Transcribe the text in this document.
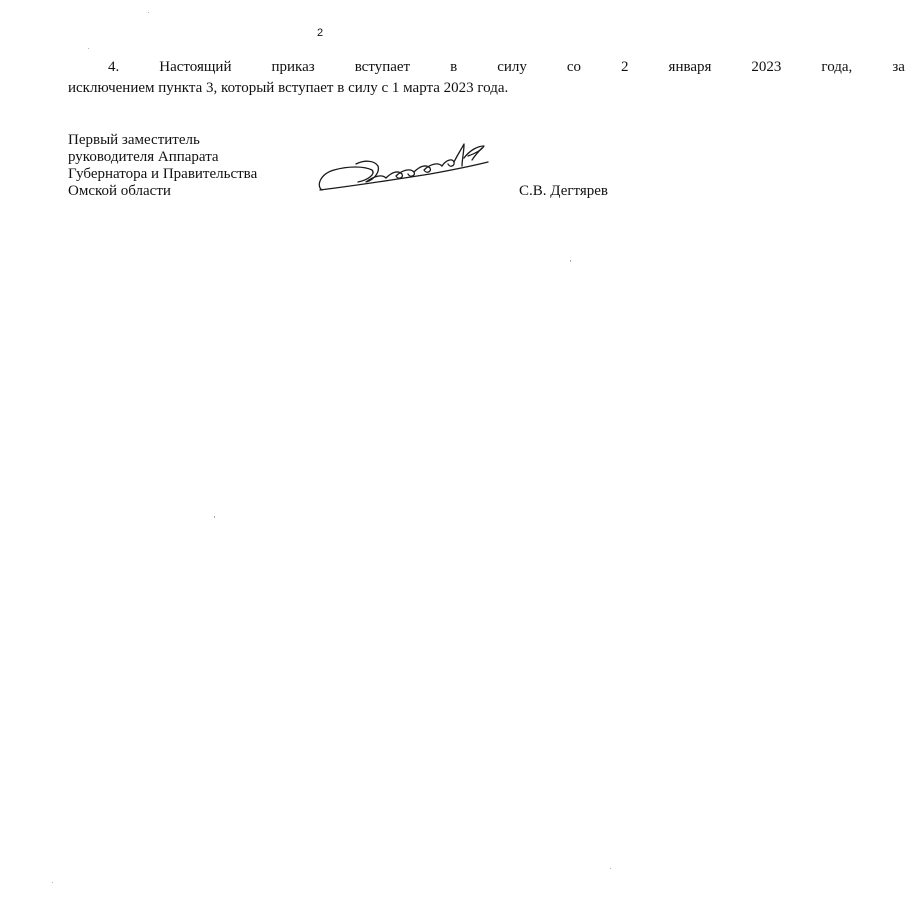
2
4.	Настоящий	приказ	вступает	в	силу	со	2	января	2023	года,	за
исключением пункта 3, который вступает в силу с 1 марта 2023 года.
Первый заместитель
руководителя Аппарата
Губернатора и Правительства
Омской области	С.В. Дегтярев
